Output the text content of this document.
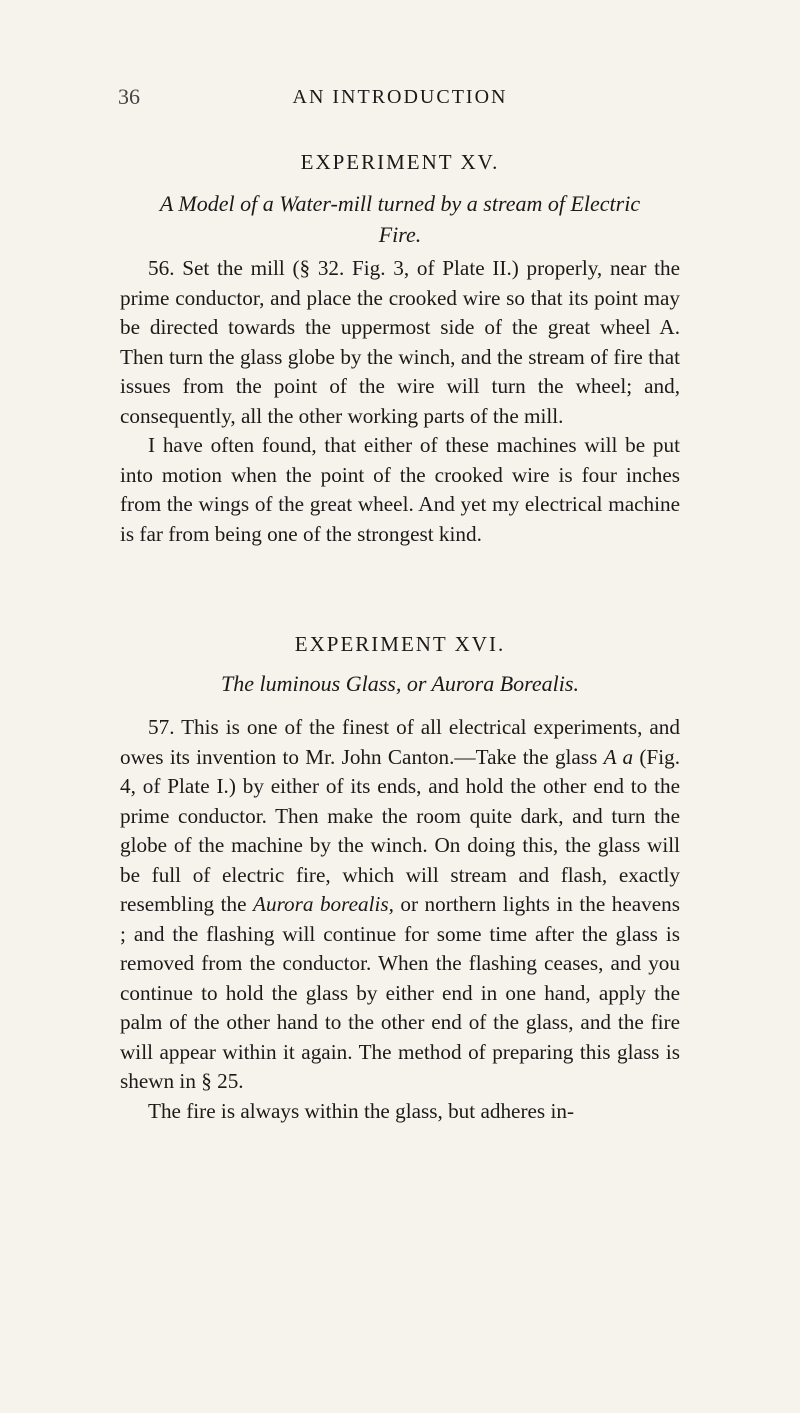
36	AN INTRODUCTION
EXPERIMENT XV.
A Model of a Water-mill turned by a stream of Electric
Fire.

56. Set the mill (§ 32. Fig. 3, of Plate II.) properly, near the prime conductor, and place the crooked wire so that its point may be directed towards the uppermost side of the great wheel A. Then turn the glass globe by the winch, and the stream of fire that issues from the point of the wire will turn the wheel; and, consequently, all the other working parts of the mill.

I have often found, that either of these machines will be put into motion when the point of the crooked wire is four inches from the wings of the great wheel. And yet my electrical machine is far from being one of the strongest kind.

EXPERIMENT XVI.
The luminous Glass, or Aurora Borealis.

57. This is one of the finest of all electrical experiments, and owes its invention to Mr. John Canton.—Take the glass A a (Fig. 4, of Plate I.) by either of its ends, and hold the other end to the prime conductor. Then make the room quite dark, and turn the globe of the machine by the winch. On doing this, the glass will be full of electric fire, which will stream and flash, exactly resembling the Aurora borealis, or northern lights in the heavens ; and the flashing will continue for some time after the glass is removed from the conductor. When the flashing ceases, and you continue to hold the glass by either end in one hand, apply the palm of the other hand to the other end of the glass, and the fire will appear within it again. The method of preparing this glass is shewn in § 25.

The fire is always within the glass, but adheres in-
